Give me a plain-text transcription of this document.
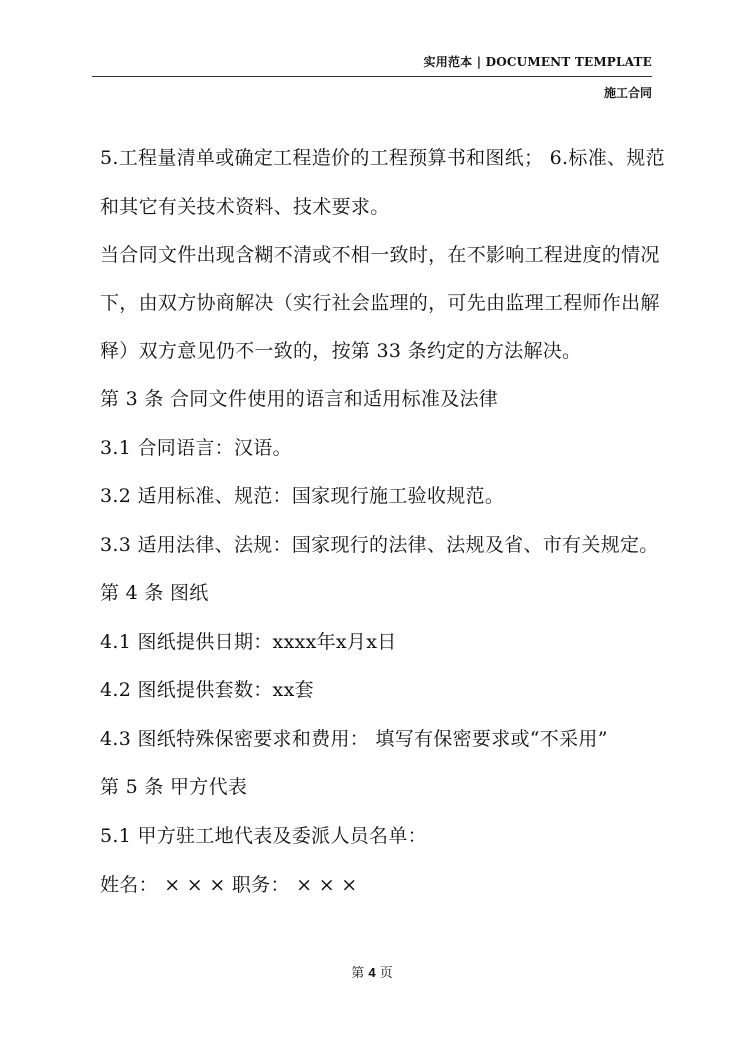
实用范本 | DOCUMENT TEMPLATE
施工合同
5.工程量清单或确定工程造价的工程预算书和图纸； 6.标准、规范
和其它有关技术资料、技术要求。
当合同文件出现含糊不清或不相一致时，在不影响工程进度的情况
下，由双方协商解决（实行社会监理的，可先由监理工程师作出解
释）双方意见仍不一致的，按第 33 条约定的方法解决。
第 3 条 合同文件使用的语言和适用标准及法律
3.1 合同语言：汉语。
3.2 适用标准、规范：国家现行施工验收规范。
3.3 适用法律、法规：国家现行的法律、法规及省、市有关规定。
第 4 条 图纸
4.1 图纸提供日期：xxxx年x月x日
4.2 图纸提供套数：xx套
4.3 图纸特殊保密要求和费用： 填写有保密要求或“不采用”
第 5 条 甲方代表
5.1 甲方驻工地代表及委派人员名单：
姓名： × × × 职务： × × ×
第 4 页
